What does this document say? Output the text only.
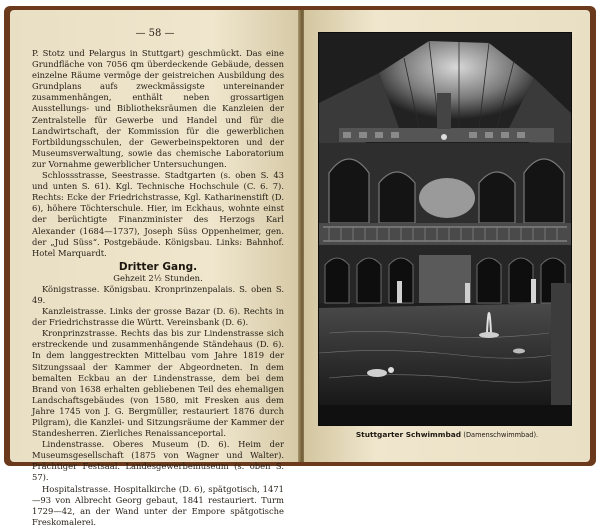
— 58 —

P. Stotz und Pelargus in Stuttgart) geschmückt. Das eine Grundfläche von 7056 qm überdeckende Gebäude, dessen einzelne Räume vermöge der geistreichen Ausbildung des Grundplans aufs zweckmässigste untereinander zusammenhängen, enthält neben grossartigen Ausstellungs- und Bibliotheksräumen die Kanzleien der Zentralstelle für Gewerbe und Handel und für die Landwirtschaft, der Kommission für die gewerblichen Fortbildungsschulen, der Gewerbeinspektoren und der Museumsverwaltung, sowie das chemische Laboratorium zur Vornahme gewerblicher Untersuchungen.

Schlossstrasse, Seestrasse. Stadtgarten (s. oben S. 43 und unten S. 61). Kgl. Technische Hochschule (C. 6. 7). Rechts: Ecke der Friedrichstrasse, Kgl. Katharinenstift (D. 6), höhere Töchterschule. Hier, im Eckhaus, wohnte einst der berüchtigte Finanzminister des Herzogs Karl Alexander (1684—1737), Joseph Süss Oppenheimer, gen. der „Jud Süss“. Postgebäude. Königsbau. Links: Bahnhof. Hotel Marquardt.

Dritter Gang.

Gehzeit 2½ Stunden.

Königstrasse. Königsbau. Kronprinzenpalais. S. oben S. 49.

Kanzleistrasse. Links der grosse Bazar (D. 6). Rechts in der Friedrichstrasse die Württ. Vereinsbank (D. 6).

Kronprinzstrasse. Rechts das bis zur Lindenstrasse sich erstreckende und zusammenhängende Ständehaus (D. 6). In dem langgestreckten Mittelbau vom Jahre 1819 der Sitzungssaal der Kammer der Abgeordneten. In dem bemalten Eckbau an der Lindenstrasse, dem bei dem Brand von 1638 erhalten gebliebenen Teil des ehemaligen Landschaftsgebäudes (von 1580, mit Fresken aus dem Jahre 1745 von J. G. Bergmüller, restauriert 1876 durch Pilgram), die Kanzlei- und Sitzungsräume der Kammer der Standesherren. Zierliches Renaissanceportal.

Lindenstrasse. Oberes Museum (D. 6). Heim der Museumsgesellschaft (1875 von Wagner und Walter). Prächtiger Festsaal. Landesgewerbemuseum (s. oben S. 57).

Hospitalstrasse. Hospitalkirche (D. 6), spätgotisch, 1471—93 von Albrecht Georg gebaut, 1841 restauriert. Turm 1729—42, an der Wand unter der Empore spätgotische Freskomalerei.

Stuttgarter Schwimmbad (Damenschwimmbad).
